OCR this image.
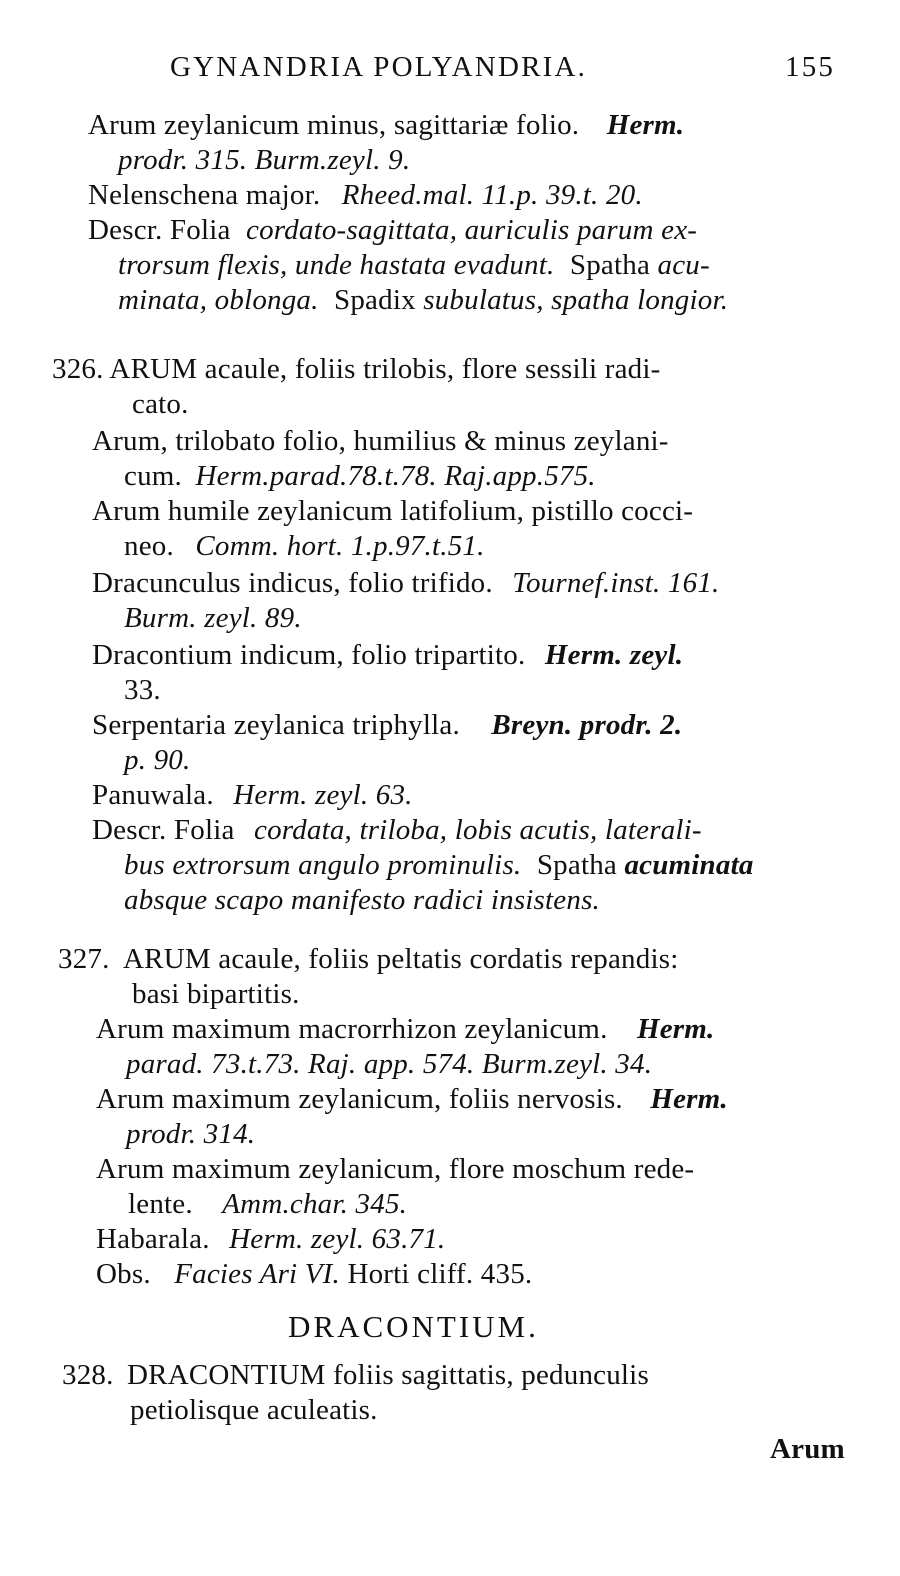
GYNANDRIA POLYANDRIA.	155
Arum zeylanicum minus, sagittariæ folio. Herm.
prodr. 315. Burm.zeyl. 9.
Nelenschena major. Rheed.mal. 11.p. 39.t. 20.
Descr. Folia cordato-sagittata, auriculis parum ex-
trorsum flexis, unde hastata evadunt. Spatha acu-
minata, oblonga. Spadix subulatus, spatha longior.
326. ARUM acaule, foliis trilobis, flore sessili radi-
cato.
Arum, trilobato folio, humilius & minus zeylani-
cum. Herm.parad.78.t.78. Raj.app.575.
Arum humile zeylanicum latifolium, pistillo cocci-
neo. Comm. hort. 1.p.97.t.51.
Dracunculus indicus, folio trifido. Tournef.inst. 161.
Burm. zeyl. 89.
Dracontium indicum, folio tripartito. Herm. zeyl.
33.
Serpentaria zeylanica triphylla. Breyn. prodr. 2.
p. 90.
Panuwala. Herm. zeyl. 63.
Descr. Folia cordata, triloba, lobis acutis, laterali-
bus extrorsum angulo prominulis. Spatha acuminata
absque scapo manifesto radici insistens.
327. ARUM acaule, foliis peltatis cordatis repandis:
basi bipartitis.
Arum maximum macrorrhizon zeylanicum. Herm.
parad. 73.t.73. Raj. app. 574. Burm.zeyl. 34.
Arum maximum zeylanicum, foliis nervosis. Herm.
prodr. 314.
Arum maximum zeylanicum, flore moschum rede-
lente. Amm.char. 345.
Habarala. Herm. zeyl. 63.71.
Obs. Facies Ari VI. Horti cliff. 435.
DRACONTIUM.
328. DRACONTIUM foliis sagittatis, pedunculis
petiolisque aculeatis.
Arum
